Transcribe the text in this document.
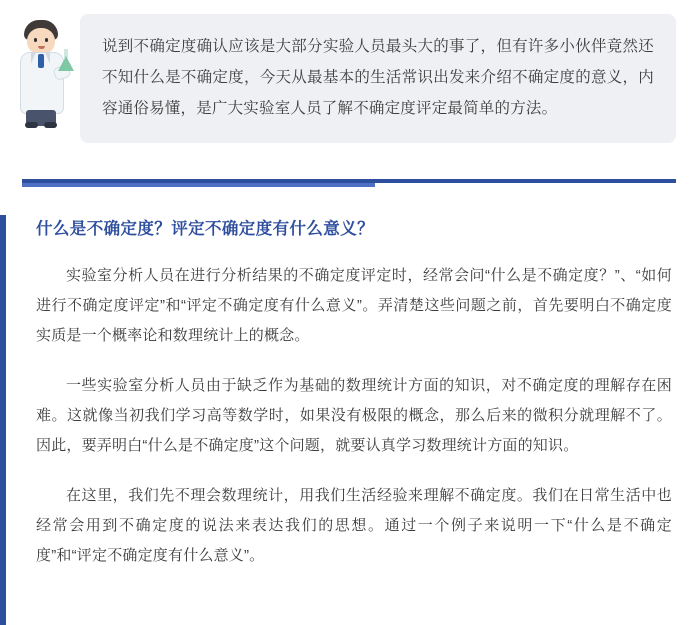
说到不确定度确认应该是大部分实验人员最头大的事了，但有许多小伙伴竟然还不知什么是不确定度，今天从最基本的生活常识出发来介绍不确定度的意义，内容通俗易懂，是广大实验室人员了解不确定度评定最简单的方法。
什么是不确定度？评定不确定度有什么意义？

实验室分析人员在进行分析结果的不确定度评定时，经常会问“什么是不确定度？”、“如何进行不确定度评定”和“评定不确定度有什么意义”。弄清楚这些问题之前，首先要明白不确定度实质是一个概率论和数理统计上的概念。

一些实验室分析人员由于缺乏作为基础的数理统计方面的知识，对不确定度的理解存在困难。这就像当初我们学习高等数学时，如果没有极限的概念，那么后来的微积分就理解不了。因此，要弄明白“什么是不确定度”这个问题，就要认真学习数理统计方面的知识。

在这里，我们先不理会数理统计，用我们生活经验来理解不确定度。我们在日常生活中也经常会用到不确定度的说法来表达我们的思想。通过一个例子来说明一下“什么是不确定度”和“评定不确定度有什么意义”。
